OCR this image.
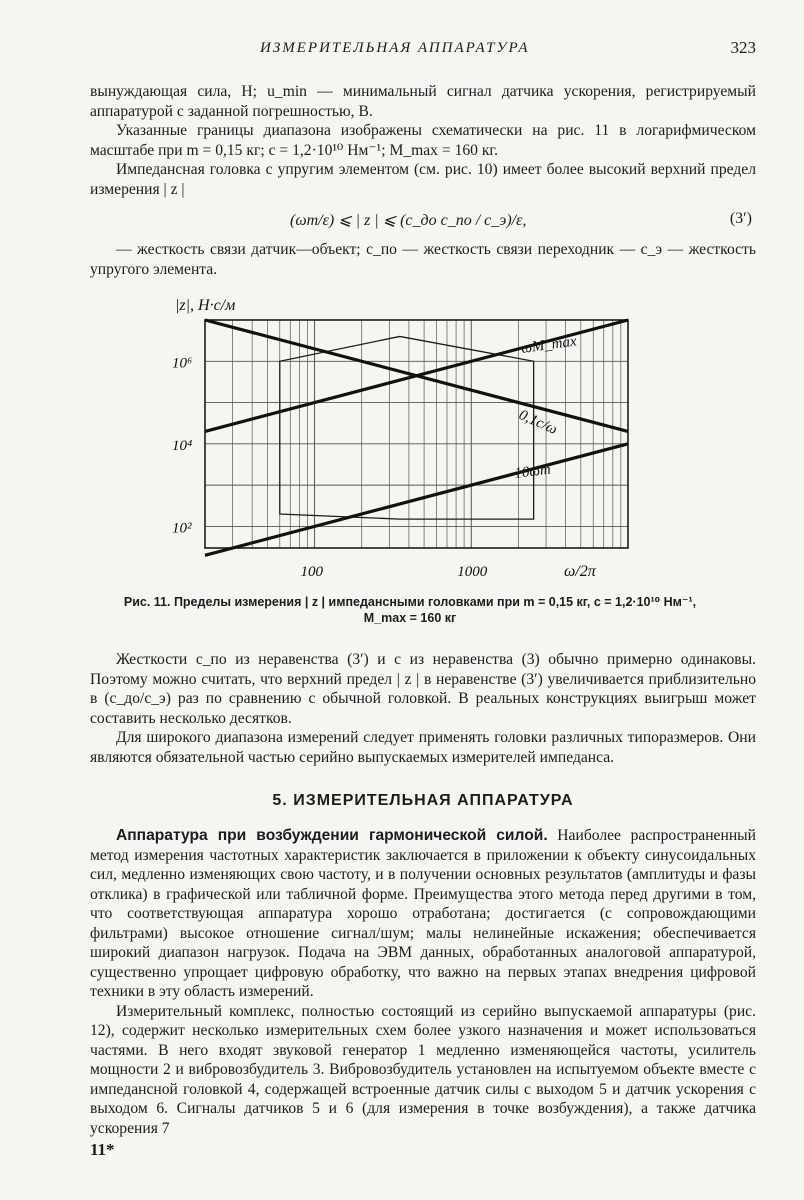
ИЗМЕРИТЕЛЬНАЯ АППАРАТУРА	323

вынуждающая сила, Н; u_min — минимальный сигнал датчика ускорения, регистрируемый аппаратурой с заданной погрешностью, В.

Указанные границы диапазона изображены схематически на рис. 11 в логарифмическом масштабе при m = 0,15 кг; c = 1,2·10¹⁰ Нм⁻¹; M_max = 160 кг.

Импедансная головка с упругим элементом (см. рис. 10) имеет более высокий верхний предел измерения | z |

(ωm/ε) ⩽ | z | ⩽ (c_до c_по / c_э)/ε,	(3′)

— жесткость связи датчик—объект; c_по — жесткость связи переходник — c_э — жесткость упругого элемента.

ωM_max
0,1c/ω
10ωm
10²
10⁴
10⁶
100	1000
|z|, Н·с/м
ω/2π
Рис. 11. Пределы измерения | z | импедансными головками при m = 0,15 кг, c = 1,2·10¹⁰ Нм⁻¹,
M_max = 160 кг

Жесткости c_по из неравенства (3′) и c из неравенства (3) обычно примерно одинаковы. Поэтому можно считать, что верхний предел | z | в неравенстве (3′) увеличивается приблизительно в (c_до/c_э) раз по сравнению с обычной головкой. В реальных конструкциях выигрыш может составить несколько десятков.

Для широкого диапазона измерений следует применять головки различных типоразмеров. Они являются обязательной частью серийно выпускаемых измерителей импеданса.

5. ИЗМЕРИТЕЛЬНАЯ АППАРАТУРА

Аппаратура при возбуждении гармонической силой. Наиболее распространенный метод измерения частотных характеристик заключается в приложении к объекту синусоидальных сил, медленно изменяющих свою частоту, и в получении основных результатов (амплитуды и фазы отклика) в графической или табличной форме. Преимущества этого метода перед другими в том, что соответствующая аппаратура хорошо отработана; достигается (с сопровождающими фильтрами) высокое отношение сигнал/шум; малы нелинейные искажения; обеспечивается широкий диапазон нагрузок. Подача на ЭВМ данных, обработанных аналоговой аппаратурой, существенно упрощает цифровую обработку, что важно на первых этапах внедрения цифровой техники в эту область измерений.

Измерительный комплекс, полностью состоящий из серийно выпускаемой аппаратуры (рис. 12), содержит несколько измерительных схем более узкого назначения и может использоваться частями. В него входят звуковой генератор 1 медленно изменяющейся частоты, усилитель мощности 2 и вибровозбудитель 3. Вибровозбудитель установлен на испытуемом объекте вместе с импедансной головкой 4, содержащей встроенные датчик силы с выходом 5 и датчик ускорения с выходом 6. Сигналы датчиков 5 и 6 (для измерения в точке возбуждения), а также датчика ускорения 7

11*
